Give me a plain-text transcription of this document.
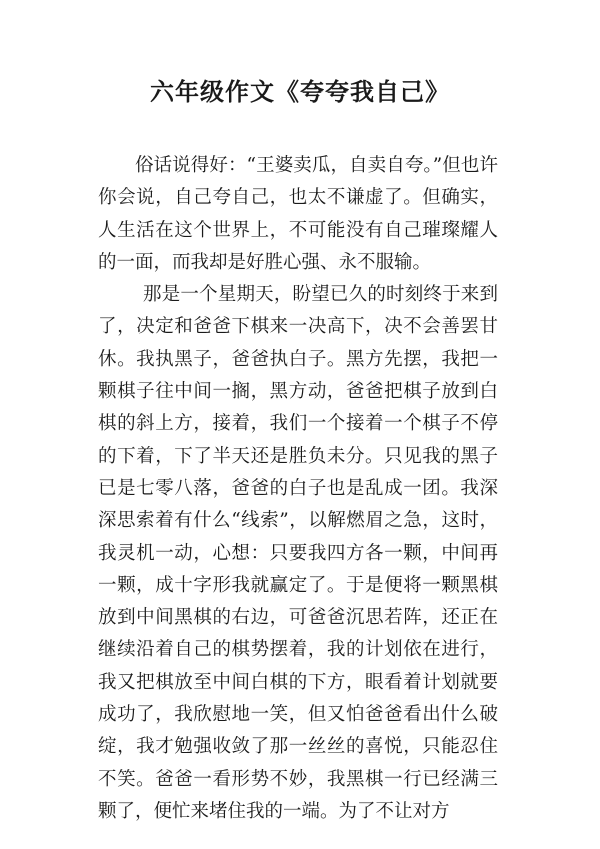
六年级作文《夸夸我自己》

俗话说得好：“王婆卖瓜，自卖自夸。”但也许你会说，自己夸自己，也太不谦虚了。但确实，人生活在这个世界上，不可能没有自己璀璨耀人的一面，而我却是好胜心强、永不服输。

那是一个星期天，盼望已久的时刻终于来到了，决定和爸爸下棋来一决高下，决不会善罢甘休。我执黑子，爸爸执白子。黑方先摆，我把一颗棋子往中间一搁，黑方动，爸爸把棋子放到白棋的斜上方，接着，我们一个接着一个棋子不停的下着，下了半天还是胜负未分。只见我的黑子已是七零八落，爸爸的白子也是乱成一团。我深深思索着有什么“线索”，以解燃眉之急，这时，我灵机一动，心想：只要我四方各一颗，中间再一颗，成十字形我就赢定了。于是便将一颗黑棋放到中间黑棋的右边，可爸爸沉思若阵，还正在继续沿着自己的棋势摆着，我的计划依在进行，我又把棋放至中间白棋的下方，眼看着计划就要成功了，我欣慰地一笑，但又怕爸爸看出什么破绽，我才勉强收敛了那一丝丝的喜悦，只能忍住不笑。爸爸一看形势不妙，我黑棋一行已经满三颗了，便忙来堵住我的一端。为了不让对方
